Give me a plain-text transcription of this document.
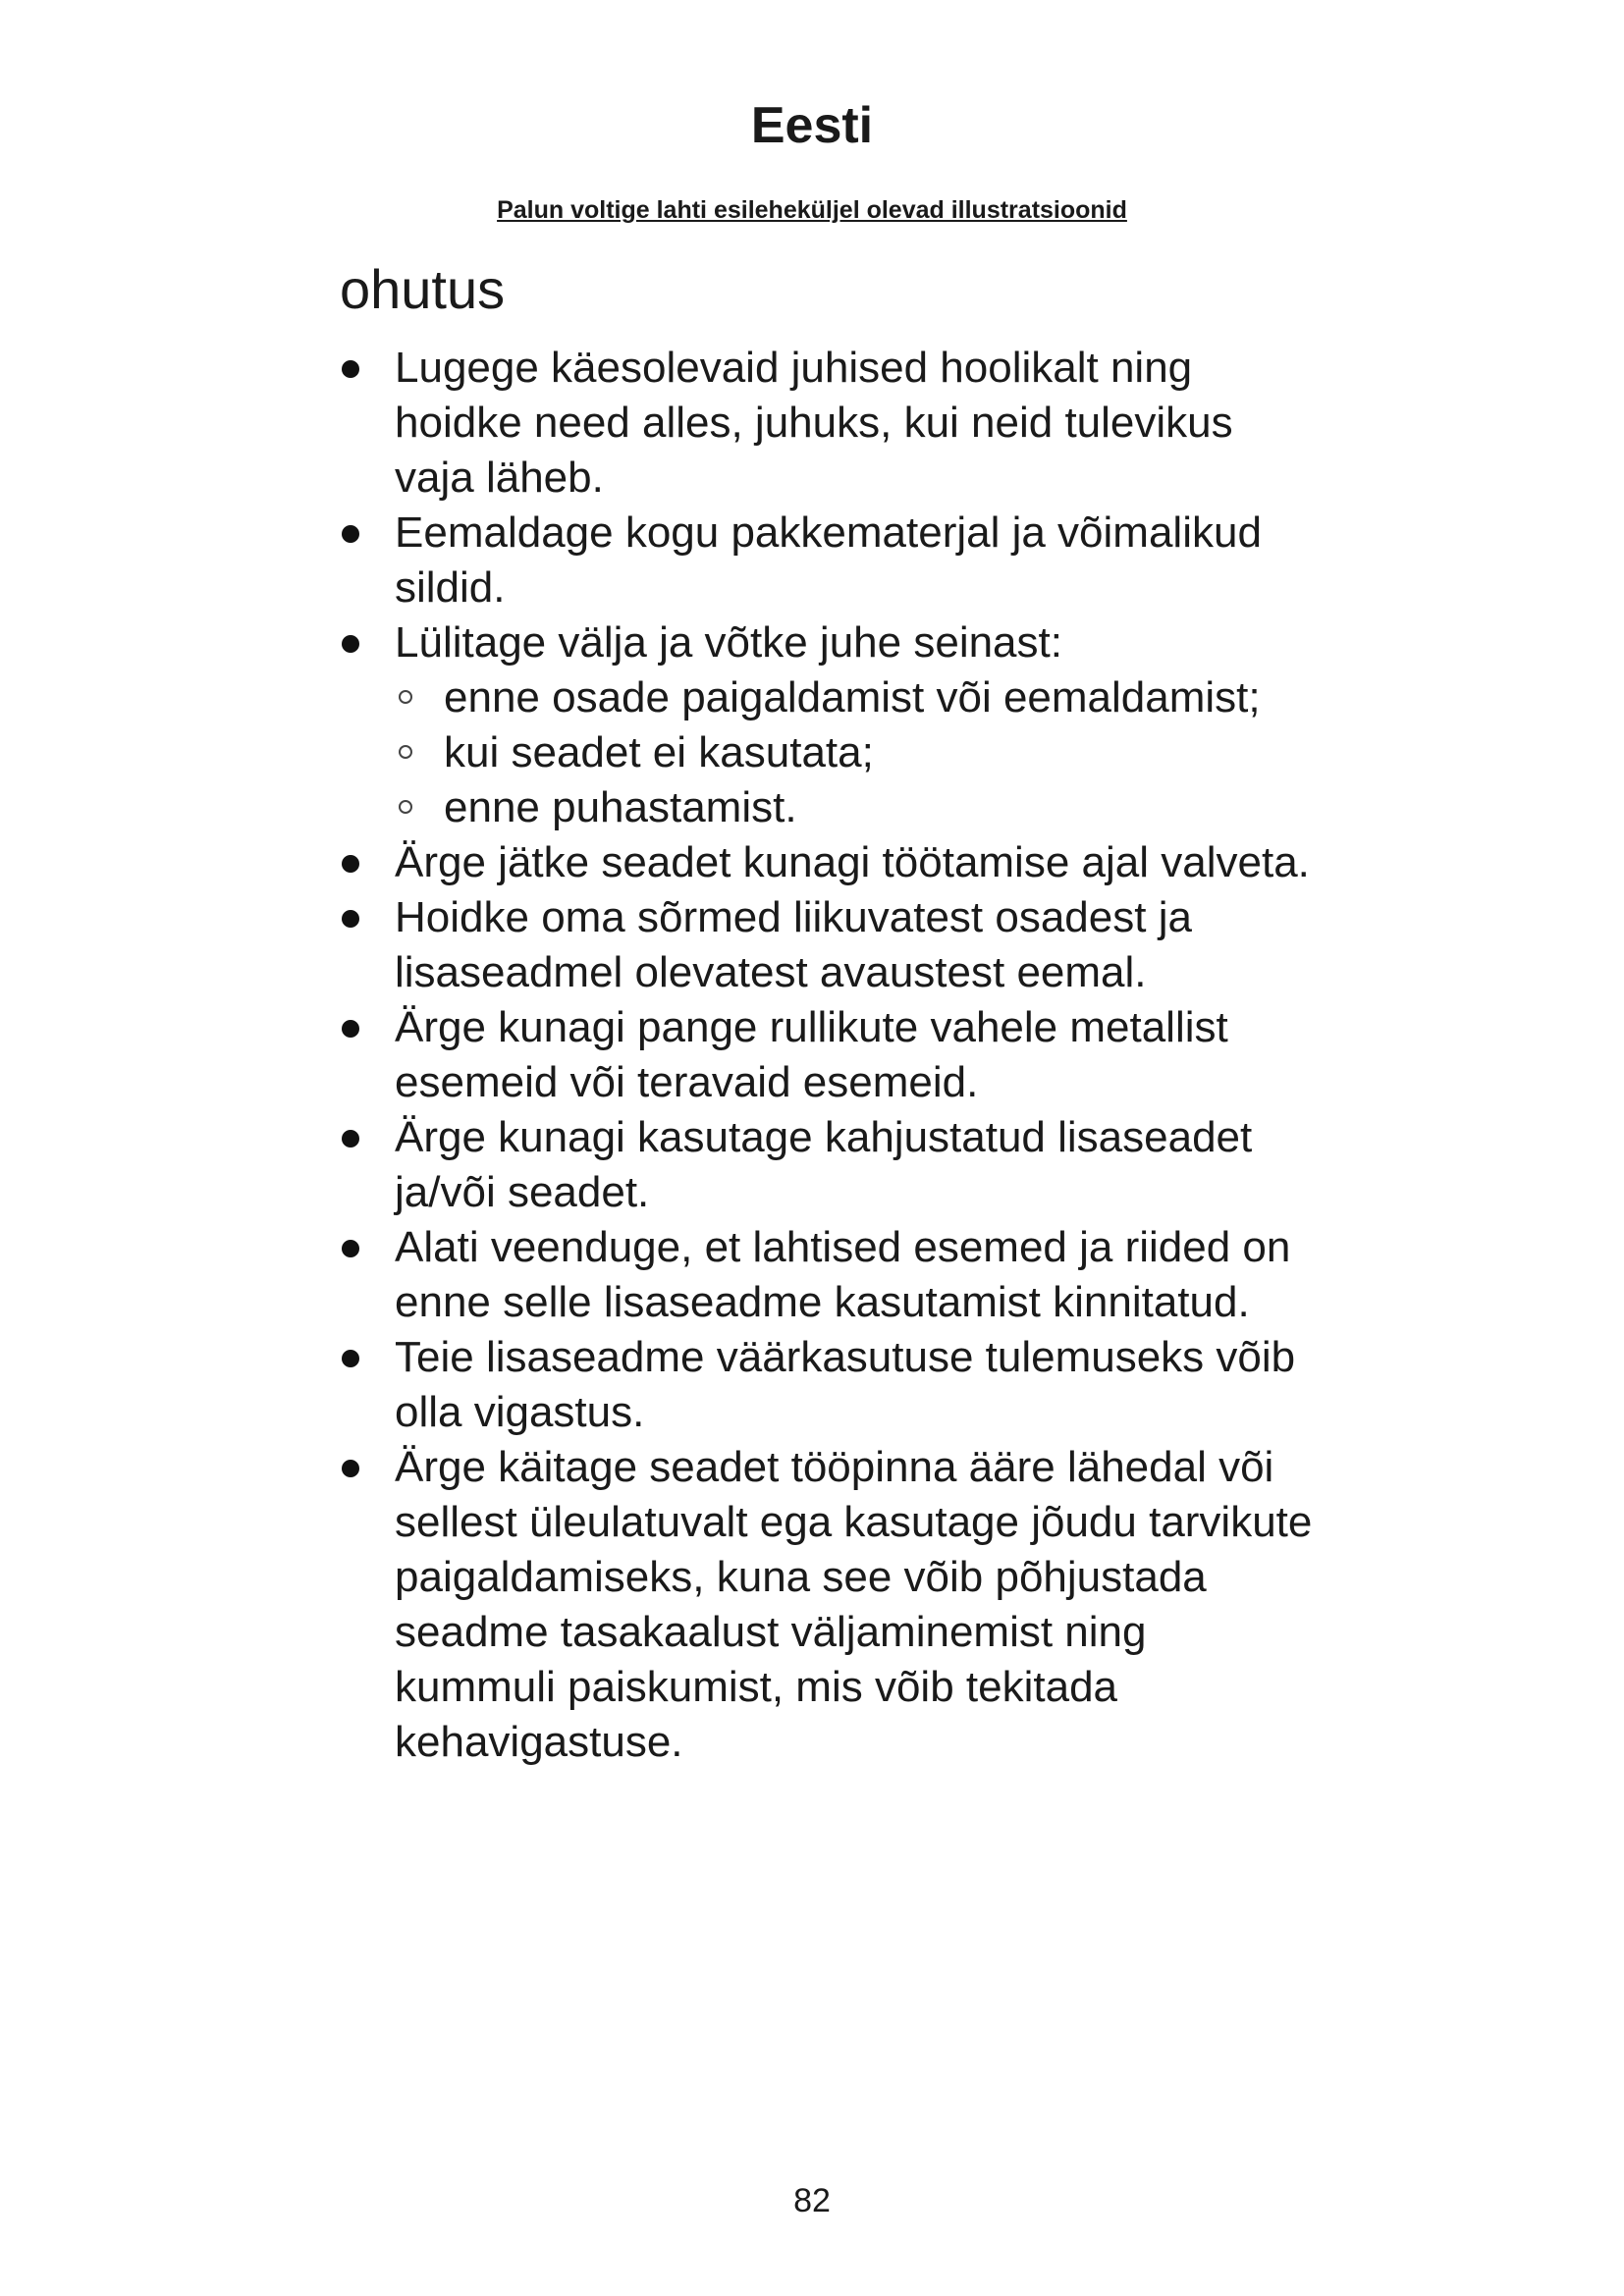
Eesti

Palun voltige lahti esileheküljel olevad illustratsioonid

ohutus
Lugege käesolevaid juhised hoolikalt ning hoidke need alles, juhuks, kui neid tulevikus vaja läheb.
Eemaldage kogu pakkematerjal ja võimalikud sildid.
Lülitage välja ja võtke juhe seinast:
enne osade paigaldamist või eemaldamist;
kui seadet ei kasutata;
enne puhastamist.
Ärge jätke seadet kunagi töötamise ajal valveta.
Hoidke oma sõrmed liikuvatest osadest ja lisaseadmel olevatest avaustest eemal.
Ärge kunagi pange rullikute vahele metallist esemeid või teravaid esemeid.
Ärge kunagi kasutage kahjustatud lisaseadet ja/või seadet.
Alati veenduge, et lahtised esemed ja riided on enne selle lisaseadme kasutamist kinnitatud.
Teie lisaseadme väärkasutuse tulemuseks võib olla vigastus.
Ärge käitage seadet tööpinna ääre lähedal või sellest üleulatuvalt ega kasutage jõudu tarvikute paigaldamiseks, kuna see võib põhjustada seadme tasakaalust väljaminemist ning kummuli paiskumist, mis võib tekitada kehavigastuse.
82
